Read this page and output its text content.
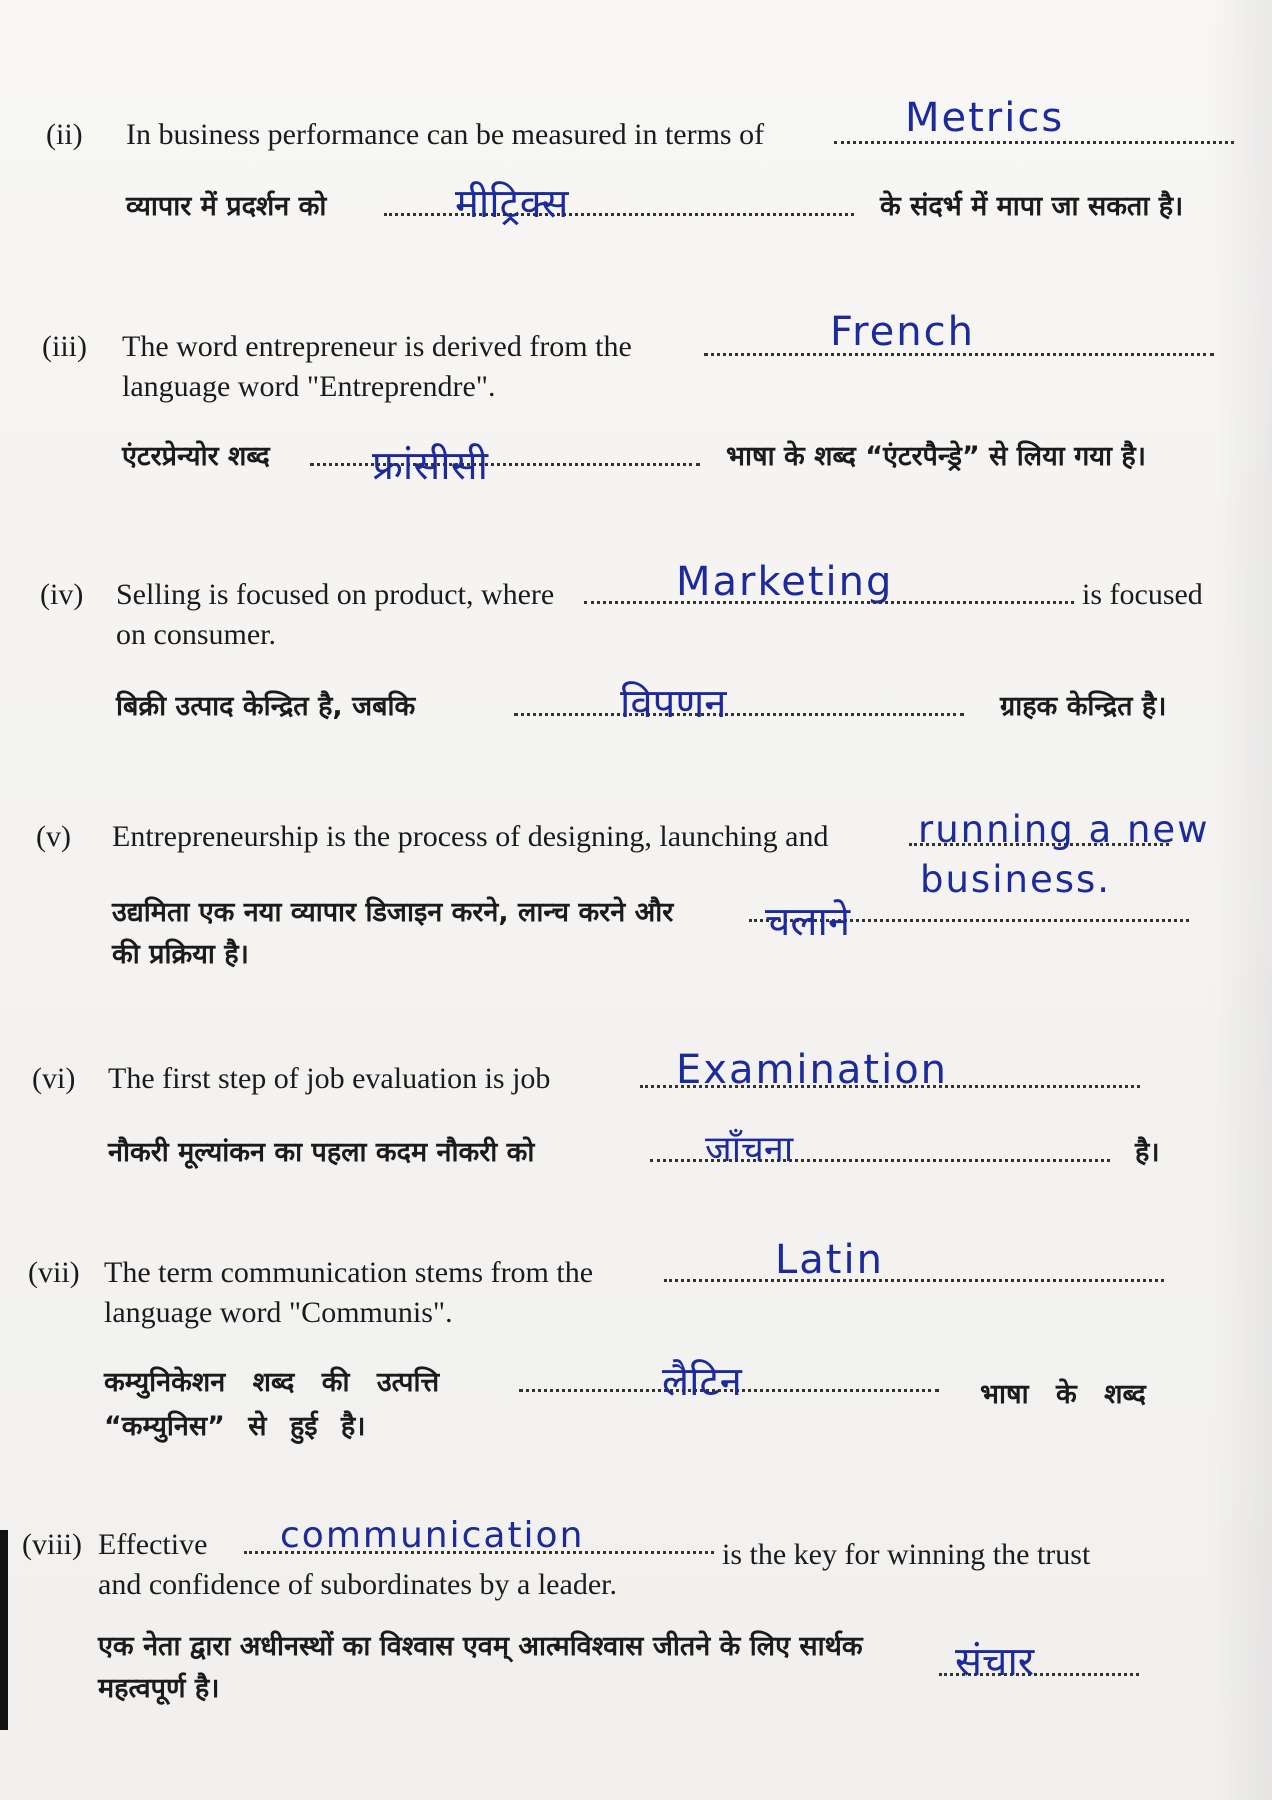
(ii) In business performance can be measured in terms of	Metrics
व्यापार में प्रदर्शन को	मीट्रिक्स	के संदर्भ में मापा जा सकता है।
(iii) The word entrepreneur is derived from the	French
language word "Entreprendre".
एंटरप्रेन्योर शब्द	फ्रांसीसी	भाषा के शब्द “एंटरपैन्ड्रे” से लिया गया है।
(iv) Selling is focused on product, where	Marketing	is focused
on consumer.
बिक्री उत्पाद केन्द्रित है, जबकि	विपणन	ग्राहक केन्द्रित है।
(v) Entrepreneurship is the process of designing, launching and running a new
business.
उद्यमिता एक नया व्यापार डिजाइन करने, लान्च करने और चलाने
की प्रक्रिया है।
(vi) The first step of job evaluation is job	Examination
नौकरी मूल्यांकन का पहला कदम नौकरी को	जाँचना	है।
(vii) The term communication stems from the	Latin
language word "Communis".
कम्युनिकेशन शब्द की उत्पत्ति	लैटिन	भाषा के शब्द
“कम्युनिस” से हुई है।
(viii) Effective communication	is the key for winning the trust
and confidence of subordinates by a leader.
एक नेता द्वारा अधीनस्थों का विश्वास एवम् आत्मविश्वास जीतने के लिए सार्थक संचार
महत्वपूर्ण है।
